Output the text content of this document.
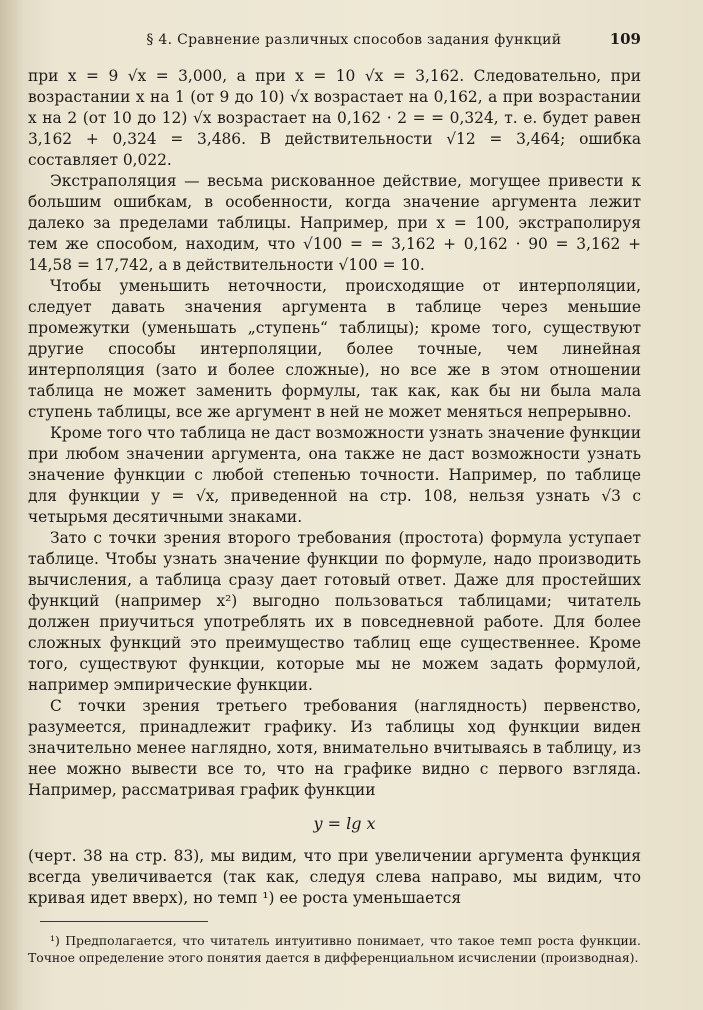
§ 4. Сравнение различных способов задания функций	109

при x = 9 √x = 3,000, а при x = 10 √x = 3,162. Следовательно, при возрастании x на 1 (от 9 до 10) √x возрастает на 0,162, а при возрастании x на 2 (от 10 до 12) √x возрастает на 0,162 · 2 = = 0,324, т. е. будет равен 3,162 + 0,324 = 3,486. В действительности √12 = 3,464; ошибка составляет 0,022.

Экстраполяция — весьма рискованное действие, могущее привести к большим ошибкам, в особенности, когда значение аргумента лежит далеко за пределами таблицы. Например, при x = 100, экстраполируя тем же способом, находим, что √100 = = 3,162 + 0,162 · 90 = 3,162 + 14,58 = 17,742, а в действительности √100 = 10.

Чтобы уменьшить неточности, происходящие от интерполяции, следует давать значения аргумента в таблице через меньшие промежутки (уменьшать „ступень“ таблицы); кроме того, существуют другие способы интерполяции, более точные, чем линейная интерполяция (зато и более сложные), но все же в этом отношении таблица не может заменить формулы, так как, как бы ни была мала ступень таблицы, все же аргумент в ней не может меняться непрерывно.

Кроме того что таблица не даст возможности узнать значение функции при любом значении аргумента, она также не даст возможности узнать значение функции с любой степенью точности. Например, по таблице для функции y = √x, приведенной на стр. 108, нельзя узнать √3 с четырьмя десятичными знаками.

Зато с точки зрения второго требования (простота) формула уступает таблице. Чтобы узнать значение функции по формуле, надо производить вычисления, а таблица сразу дает готовый ответ. Даже для простейших функций (например x²) выгодно пользоваться таблицами; читатель должен приучиться употреблять их в повседневной работе. Для более сложных функций это преимущество таблиц еще существеннее. Кроме того, существуют функции, которые мы не можем задать формулой, например эмпирические функции.

С точки зрения третьего требования (наглядность) первенство, разумеется, принадлежит графику. Из таблицы ход функции виден значительно менее наглядно, хотя, внимательно вчитываясь в таблицу, из нее можно вывести все то, что на графике видно с первого взгляда. Например, рассматривая график функции

y = lg x

(черт. 38 на стр. 83), мы видим, что при увеличении аргумента функция всегда увеличивается (так как, следуя слева направо, мы видим, что кривая идет вверх), но темп ¹) ее роста уменьшается

¹) Предполагается, что читатель интуитивно понимает, что такое темп роста функции. Точное определение этого понятия дается в дифференциальном исчислении (производная).
